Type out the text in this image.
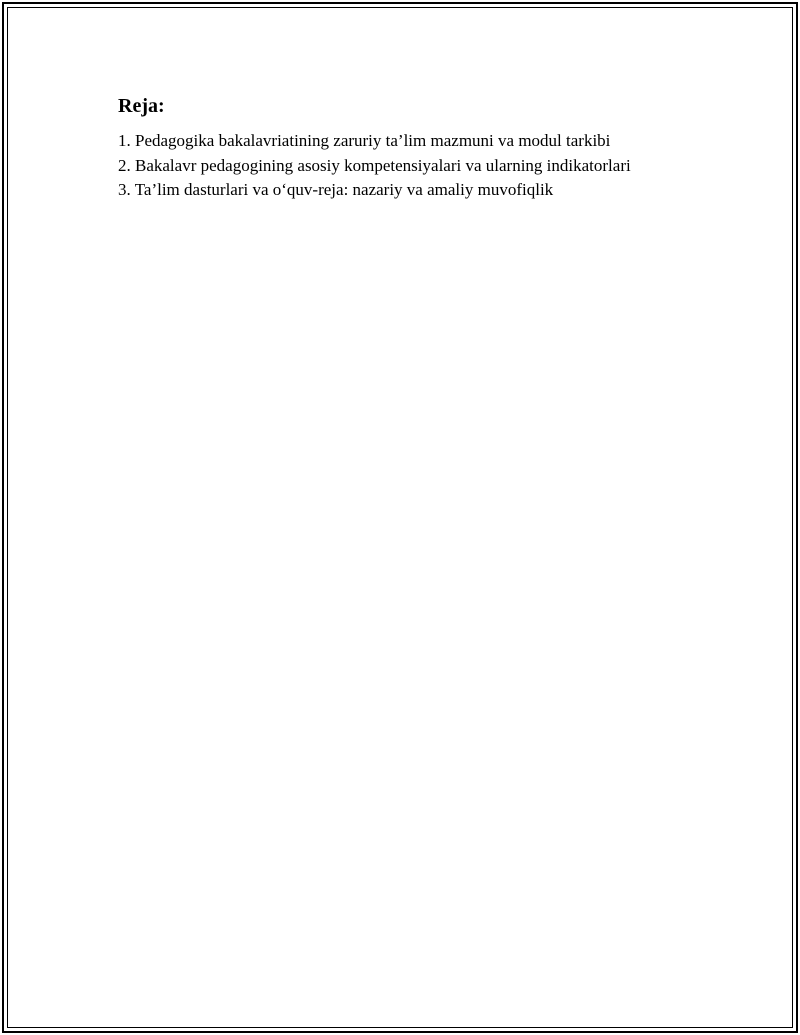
Reja:
1. Pedagogika bakalavriatining zaruriy ta’lim mazmuni va modul tarkibi
2. Bakalavr pedagogining asosiy kompetensiyalari va ularning indikatorlari
3. Ta’lim dasturlari va o‘quv-reja: nazariy va amaliy muvofiqlik
